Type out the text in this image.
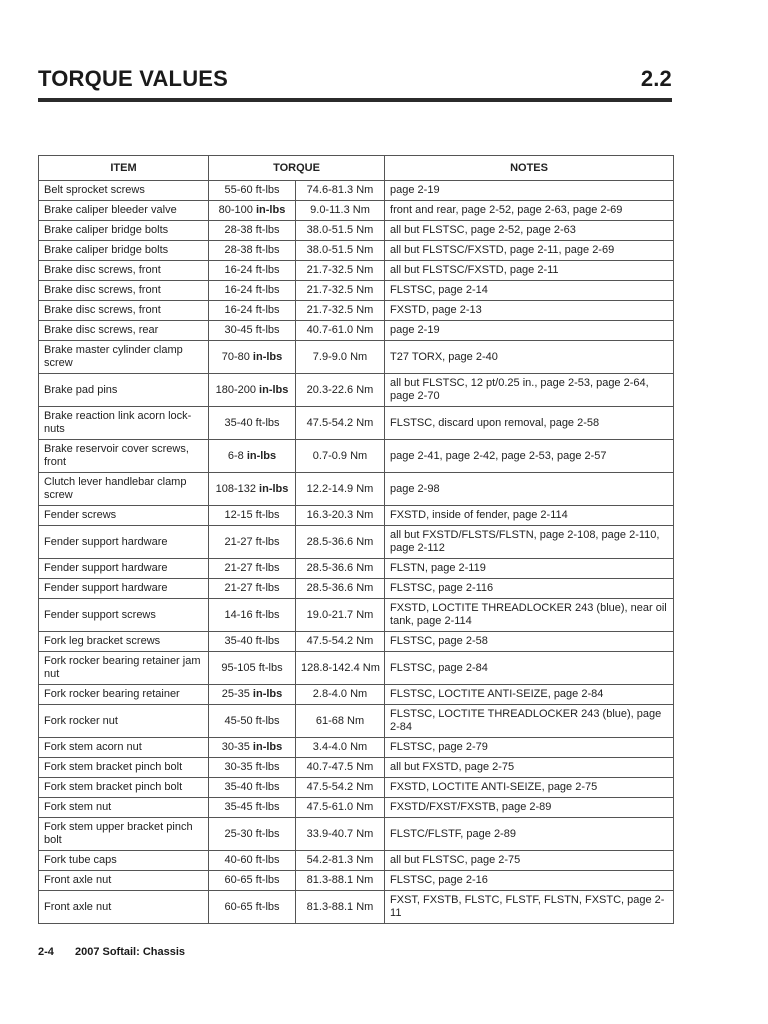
TORQUE VALUES	2.2
ITEM	TORQUE		NOTES
Belt sprocket screws	55-60 ft-lbs	74.6-81.3 Nm	page 2-19
Brake caliper bleeder valve	80-100 in-lbs	9.0-11.3 Nm	front and rear, page 2-52, page 2-63, page 2-69
Brake caliper bridge bolts	28-38 ft-lbs	38.0-51.5 Nm	all but FLSTSC, page 2-52, page 2-63
Brake caliper bridge bolts	28-38 ft-lbs	38.0-51.5 Nm	all but FLSTSC/FXSTD, page 2-11, page 2-69
Brake disc screws, front	16-24 ft-lbs	21.7-32.5 Nm	all but FLSTSC/FXSTD, page 2-11
Brake disc screws, front	16-24 ft-lbs	21.7-32.5 Nm	FLSTSC, page 2-14
Brake disc screws, front	16-24 ft-lbs	21.7-32.5 Nm	FXSTD, page 2-13
Brake disc screws, rear	30-45 ft-lbs	40.7-61.0 Nm	page 2-19
Brake master cylinder clamp screw	70-80 in-lbs	7.9-9.0 Nm	T27 TORX, page 2-40
Brake pad pins	180-200 in-lbs	20.3-22.6 Nm	all but FLSTSC, 12 pt/0.25 in., page 2-53, page 2-64, page 2-70
Brake reaction link acorn lock-nuts	35-40 ft-lbs	47.5-54.2 Nm	FLSTSC, discard upon removal, page 2-58
Brake reservoir cover screws, front	6-8 in-lbs	0.7-0.9 Nm	page 2-41, page 2-42, page 2-53, page 2-57
Clutch lever handlebar clamp screw	108-132 in-lbs	12.2-14.9 Nm	page 2-98
Fender screws	12-15 ft-lbs	16.3-20.3 Nm	FXSTD, inside of fender, page 2-114
Fender support hardware	21-27 ft-lbs	28.5-36.6 Nm	all but FXSTD/FLSTS/FLSTN, page 2-108, page 2-110, page 2-112
Fender support hardware	21-27 ft-lbs	28.5-36.6 Nm	FLSTN, page 2-119
Fender support hardware	21-27 ft-lbs	28.5-36.6 Nm	FLSTSC, page 2-116
Fender support screws	14-16 ft-lbs	19.0-21.7 Nm	FXSTD, LOCTITE THREADLOCKER 243 (blue), near oil tank, page 2-114
Fork leg bracket screws	35-40 ft-lbs	47.5-54.2 Nm	FLSTSC, page 2-58
Fork rocker bearing retainer jam nut	95-105 ft-lbs	128.8-142.4 Nm	FLSTSC, page 2-84
Fork rocker bearing retainer	25-35 in-lbs	2.8-4.0 Nm	FLSTSC, LOCTITE ANTI-SEIZE, page 2-84
Fork rocker nut	45-50 ft-lbs	61-68 Nm	FLSTSC, LOCTITE THREADLOCKER 243 (blue), page 2-84
Fork stem acorn nut	30-35 in-lbs	3.4-4.0 Nm	FLSTSC, page 2-79
Fork stem bracket pinch bolt	30-35 ft-lbs	40.7-47.5 Nm	all but FXSTD, page 2-75
Fork stem bracket pinch bolt	35-40 ft-lbs	47.5-54.2 Nm	FXSTD, LOCTITE ANTI-SEIZE, page 2-75
Fork stem nut	35-45 ft-lbs	47.5-61.0 Nm	FXSTD/FXST/FXSTB, page 2-89
Fork stem upper bracket pinch bolt	25-30 ft-lbs	33.9-40.7 Nm	FLSTC/FLSTF, page 2-89
Fork tube caps	40-60 ft-lbs	54.2-81.3 Nm	all but FLSTSC, page 2-75
Front axle nut	60-65 ft-lbs	81.3-88.1 Nm	FLSTSC, page 2-16
Front axle nut	60-65 ft-lbs	81.3-88.1 Nm	FXST, FXSTB, FLSTC, FLSTF, FLSTN, FXSTC, page 2-11
2-4 2007 Softail: Chassis
